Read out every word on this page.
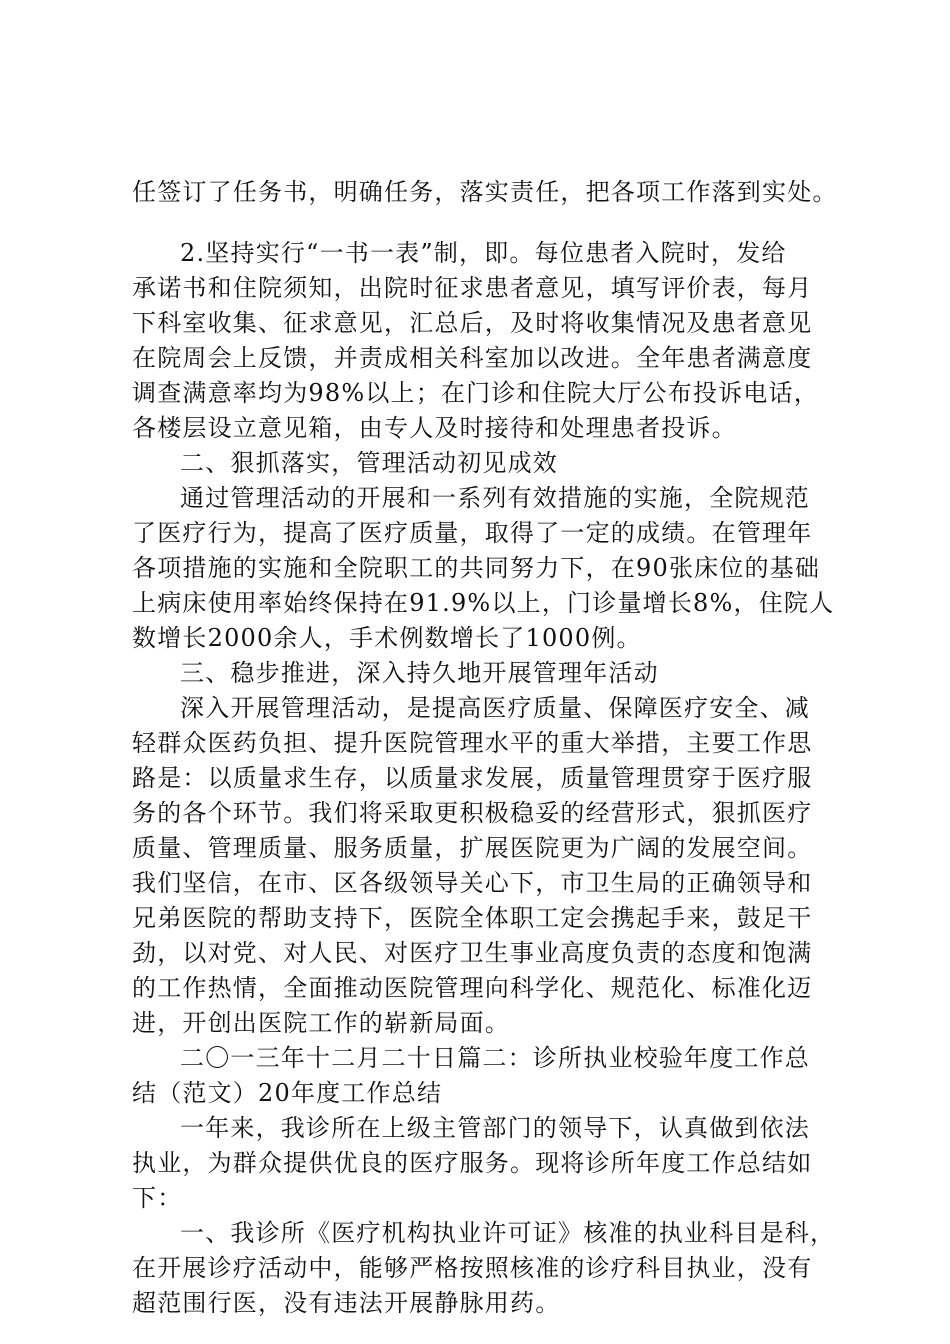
任签订了任务书，明确任务，落实责任，把各项工作落到实处。
2.坚持实行“一书一表”制，即。每位患者入院时，发给
承诺书和住院须知，出院时征求患者意见，填写评价表，每月
下科室收集、征求意见，汇总后，及时将收集情况及患者意见
在院周会上反馈，并责成相关科室加以改进。全年患者满意度
调查满意率均为98%以上；在门诊和住院大厅公布投诉电话，
各楼层设立意见箱，由专人及时接待和处理患者投诉。
二、狠抓落实，管理活动初见成效
通过管理活动的开展和一系列有效措施的实施，全院规范
了医疗行为，提高了医疗质量，取得了一定的成绩。在管理年
各项措施的实施和全院职工的共同努力下，在90张床位的基础
上病床使用率始终保持在91.9%以上，门诊量增长8%，住院人
数增长2000余人，手术例数增长了1000例。
三、稳步推进，深入持久地开展管理年活动
深入开展管理活动，是提高医疗质量、保障医疗安全、减
轻群众医药负担、提升医院管理水平的重大举措，主要工作思
路是：以质量求生存，以质量求发展，质量管理贯穿于医疗服
务的各个环节。我们将采取更积极稳妥的经营形式，狠抓医疗
质量、管理质量、服务质量，扩展医院更为广阔的发展空间。
我们坚信，在市、区各级领导关心下，市卫生局的正确领导和
兄弟医院的帮助支持下，医院全体职工定会携起手来，鼓足干
劲，以对党、对人民、对医疗卫生事业高度负责的态度和饱满
的工作热情，全面推动医院管理向科学化、规范化、标准化迈
进，开创出医院工作的崭新局面。
二〇一三年十二月二十日篇二：诊所执业校验年度工作总
结（范文）20年度工作总结
一年来，我诊所在上级主管部门的领导下，认真做到依法
执业，为群众提供优良的医疗服务。现将诊所年度工作总结如
下：
一、我诊所《医疗机构执业许可证》核准的执业科目是科，
在开展诊疗活动中，能够严格按照核准的诊疗科目执业，没有
超范围行医，没有违法开展静脉用药。
